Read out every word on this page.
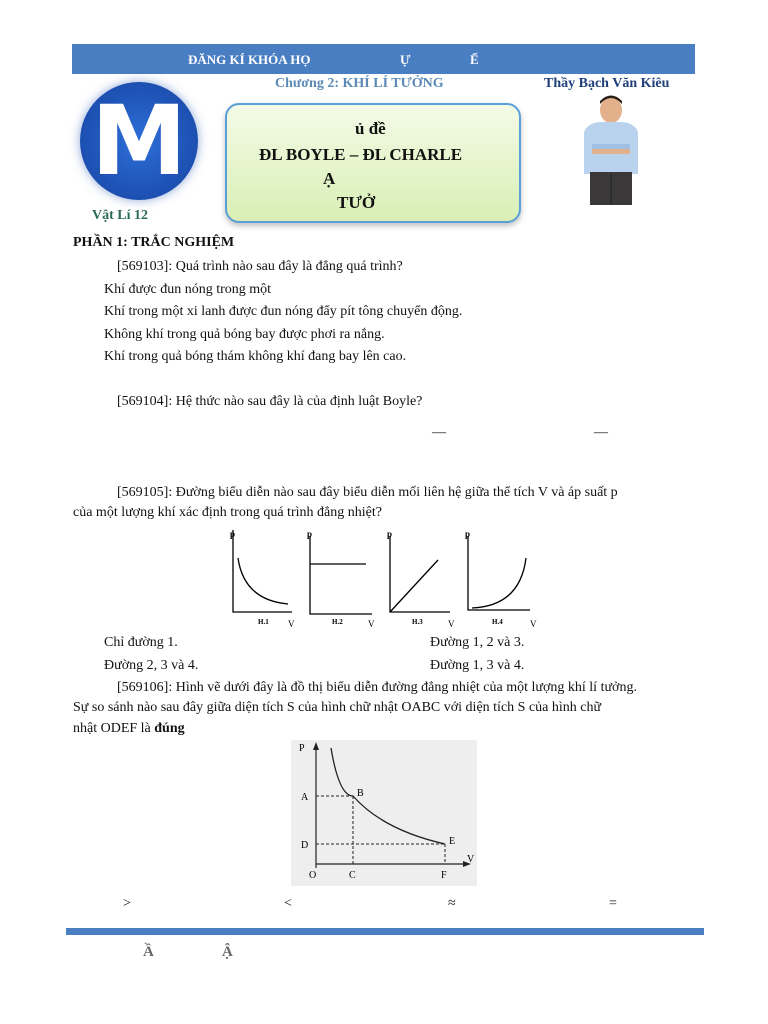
ĐĂNG KÍ KHÓA HỌ	Ự	Ế
Chương 2: KHÍ LÍ TƯỞNG	Thầy Bạch Văn Kiêu
M
Vật Lí 12
ủ đề
ĐL BOYLE – ĐL CHARLE
Ạ
TƯỞ
PHẦN 1: TRẮC NGHIỆM
[569103]: Quá trình nào sau đây là đẳng quá trình?
Khí được đun nóng trong một
Khí trong một xi lanh được đun nóng đẩy pít tông chuyển động.
Không khí trong quả bóng bay được phơi ra nắng.
Khí trong quả bóng thám không khí đang bay lên cao.
[569104]: Hệ thức nào sau đây là của định luật Boyle?
—	—
[569105]: Đường biểu diễn nào sau đây biểu diễn mối liên hệ giữa thể tích V và áp suất p
của một lượng khí xác định trong quá trình đẳng nhiệt?
p
H.1 V
p
H.2	V
p
H.3	V
p
H.4	V
Chỉ đường 1.	Đường 1, 2 và 3.
Đường 2, 3 và 4.	Đường 1, 3 và 4.
[569106]: Hình vẽ dưới đây là đồ thị biểu diễn đường đẳng nhiệt của một lượng khí lí tưởng.
Sự so sánh nào sau đây giữa diện tích S của hình chữ nhật OABC với diện tích S của hình chữ
nhật ODEF là đúng
P
A	B
D	E
V
O	C	F
>	<	≈	=
Ầ	Ậ
